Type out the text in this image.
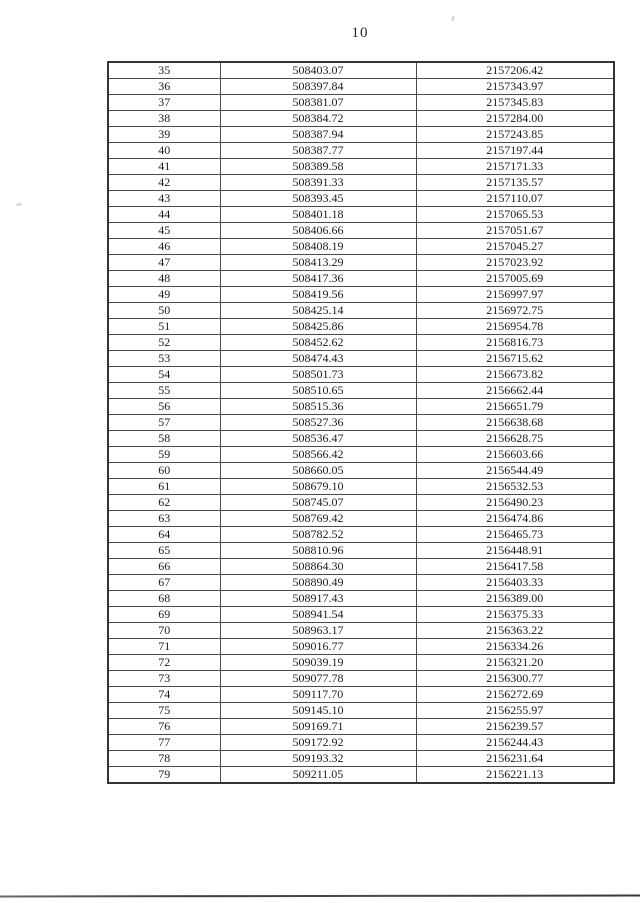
10
35	508403.07	2157206.42
36	508397.84	2157343.97
37	508381.07	2157345.83
38	508384.72	2157284.00
39	508387.94	2157243.85
40	508387.77	2157197.44
41	508389.58	2157171.33
42	508391.33	2157135.57
43	508393.45	2157110.07
44	508401.18	2157065.53
45	508406.66	2157051.67
46	508408.19	2157045.27
47	508413.29	2157023.92
48	508417.36	2157005.69
49	508419.56	2156997.97
50	508425.14	2156972.75
51	508425.86	2156954.78
52	508452.62	2156816.73
53	508474.43	2156715.62
54	508501.73	2156673.82
55	508510.65	2156662.44
56	508515.36	2156651.79
57	508527.36	2156638.68
58	508536.47	2156628.75
59	508566.42	2156603.66
60	508660.05	2156544.49
61	508679.10	2156532.53
62	508745.07	2156490.23
63	508769.42	2156474.86
64	508782.52	2156465.73
65	508810.96	2156448.91
66	508864.30	2156417.58
67	508890.49	2156403.33
68	508917.43	2156389.00
69	508941.54	2156375.33
70	508963.17	2156363.22
71	509016.77	2156334.26
72	509039.19	2156321.20
73	509077.78	2156300.77
74	509117.70	2156272.69
75	509145.10	2156255.97
76	509169.71	2156239.57
77	509172.92	2156244.43
78	509193.32	2156231.64
79	509211.05	2156221.13
